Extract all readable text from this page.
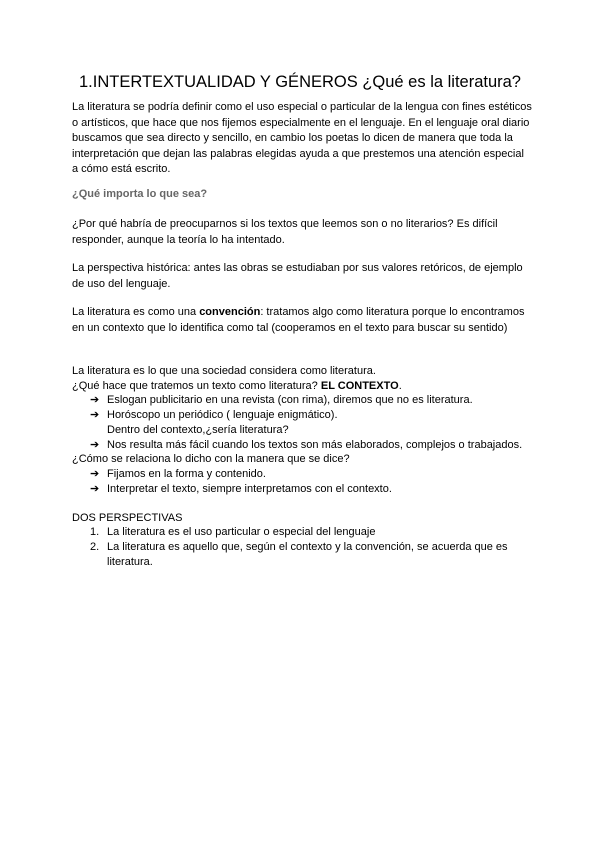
1.INTERTEXTUALIDAD Y GÉNEROS ¿Qué es la literatura?

La literatura se podría definir como el uso especial o particular de la lengua con fines estéticos o artísticos, que hace que nos fijemos especialmente en el lenguaje. En el lenguaje oral diario buscamos que sea directo y sencillo, en cambio los poetas lo dicen de manera que toda la interpretación que dejan las palabras elegidas ayuda a que prestemos una atención especial a cómo está escrito.

¿Qué importa lo que sea?

¿Por qué habría de preocuparnos si los textos que leemos son o no literarios? Es difícil responder, aunque la teoría lo ha intentado.

La perspectiva histórica: antes las obras se estudiaban por sus valores retóricos, de ejemplo de uso del lenguaje.

La literatura es como una convención: tratamos algo como literatura porque lo encontramos en un contexto que lo identifica como tal (cooperamos en el texto para buscar su sentido)

La literatura es lo que una sociedad considera como literatura.

¿Qué hace que tratemos un texto como literatura? EL CONTEXTO.

➔ Eslogan publicitario en una revista (con rima), diremos que no es literatura.
➔ Horóscopo un periódico ( lenguaje enigmático).
Dentro del contexto,¿sería literatura?
➔ Nos resulta más fácil cuando los textos son más elaborados, complejos o trabajados.

¿Cómo se relaciona lo dicho con la manera que se dice?

➔ Fijamos en la forma y contenido.
➔ Interpretar el texto, siempre interpretamos con el contexto.

DOS PERSPECTIVAS

1. La literatura es el uso particular o especial del lenguaje
2. La literatura es aquello que, según el contexto y la convención, se acuerda que es literatura.
